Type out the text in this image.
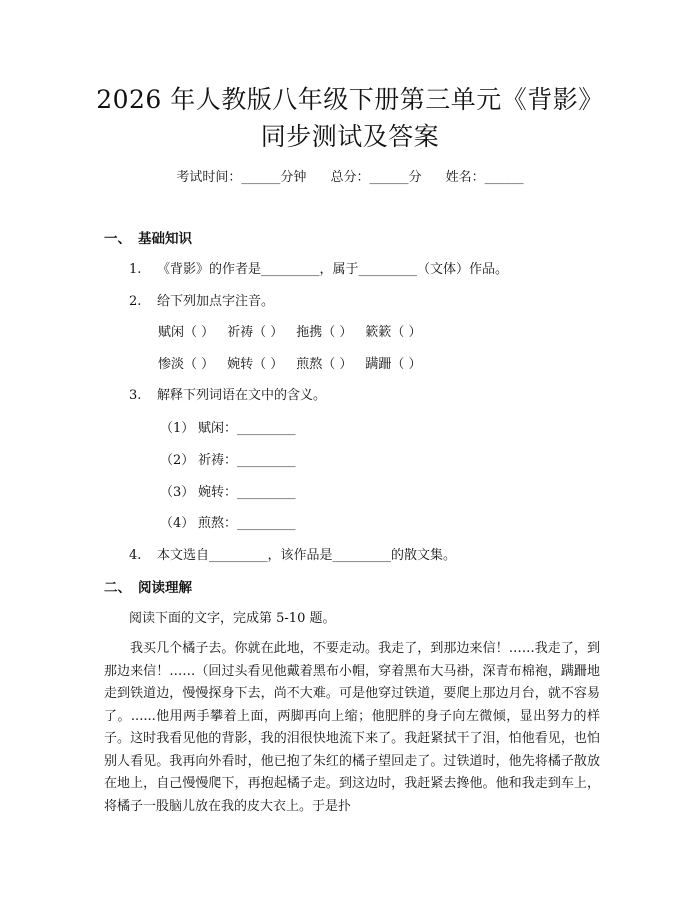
2026 年人教版八年级下册第三单元《背影》
同步测试及答案
考试时间：______分钟 总分：______分 姓名：______
一、 基础知识
1. 《背影》的作者是_________，属于_________（文体）作品。
2. 给下列加点字注音。
赋闲（ ） 祈祷（ ） 拖携（ ） 簌簌（ ）
惨淡（ ） 婉转（ ） 煎熬（ ） 蹒跚（ ）
3. 解释下列词语在文中的含义。
（1） 赋闲：_________
（2） 祈祷：_________
（3） 婉转：_________
（4） 煎熬：_________
4. 本文选自_________，该作品是_________的散文集。
二、 阅读理解
阅读下面的文字，完成第 5-10 题。
我买几个橘子去。你就在此地，不要走动。我走了，到那边来信！……我走了，到那边来信！……（回过头看见他戴着黑布小帽，穿着黑布大马褂，深青布棉袍，蹒跚地走到铁道边，慢慢探身下去，尚不大难。可是他穿过铁道，要爬上那边月台，就不容易了。......他用两手攀着上面，两脚再向上缩；他肥胖的身子向左微倾，显出努力的样子。这时我看见他的背影，我的泪很快地流下来了。我赶紧拭干了泪，怕他看见，也怕别人看见。我再向外看时，他已抱了朱红的橘子望回走了。过铁道时，他先将橘子散放在地上，自己慢慢爬下，再抱起橘子走。到这边时，我赶紧去搀他。他和我走到车上，将橘子一股脑儿放在我的皮大衣上。于是扑
